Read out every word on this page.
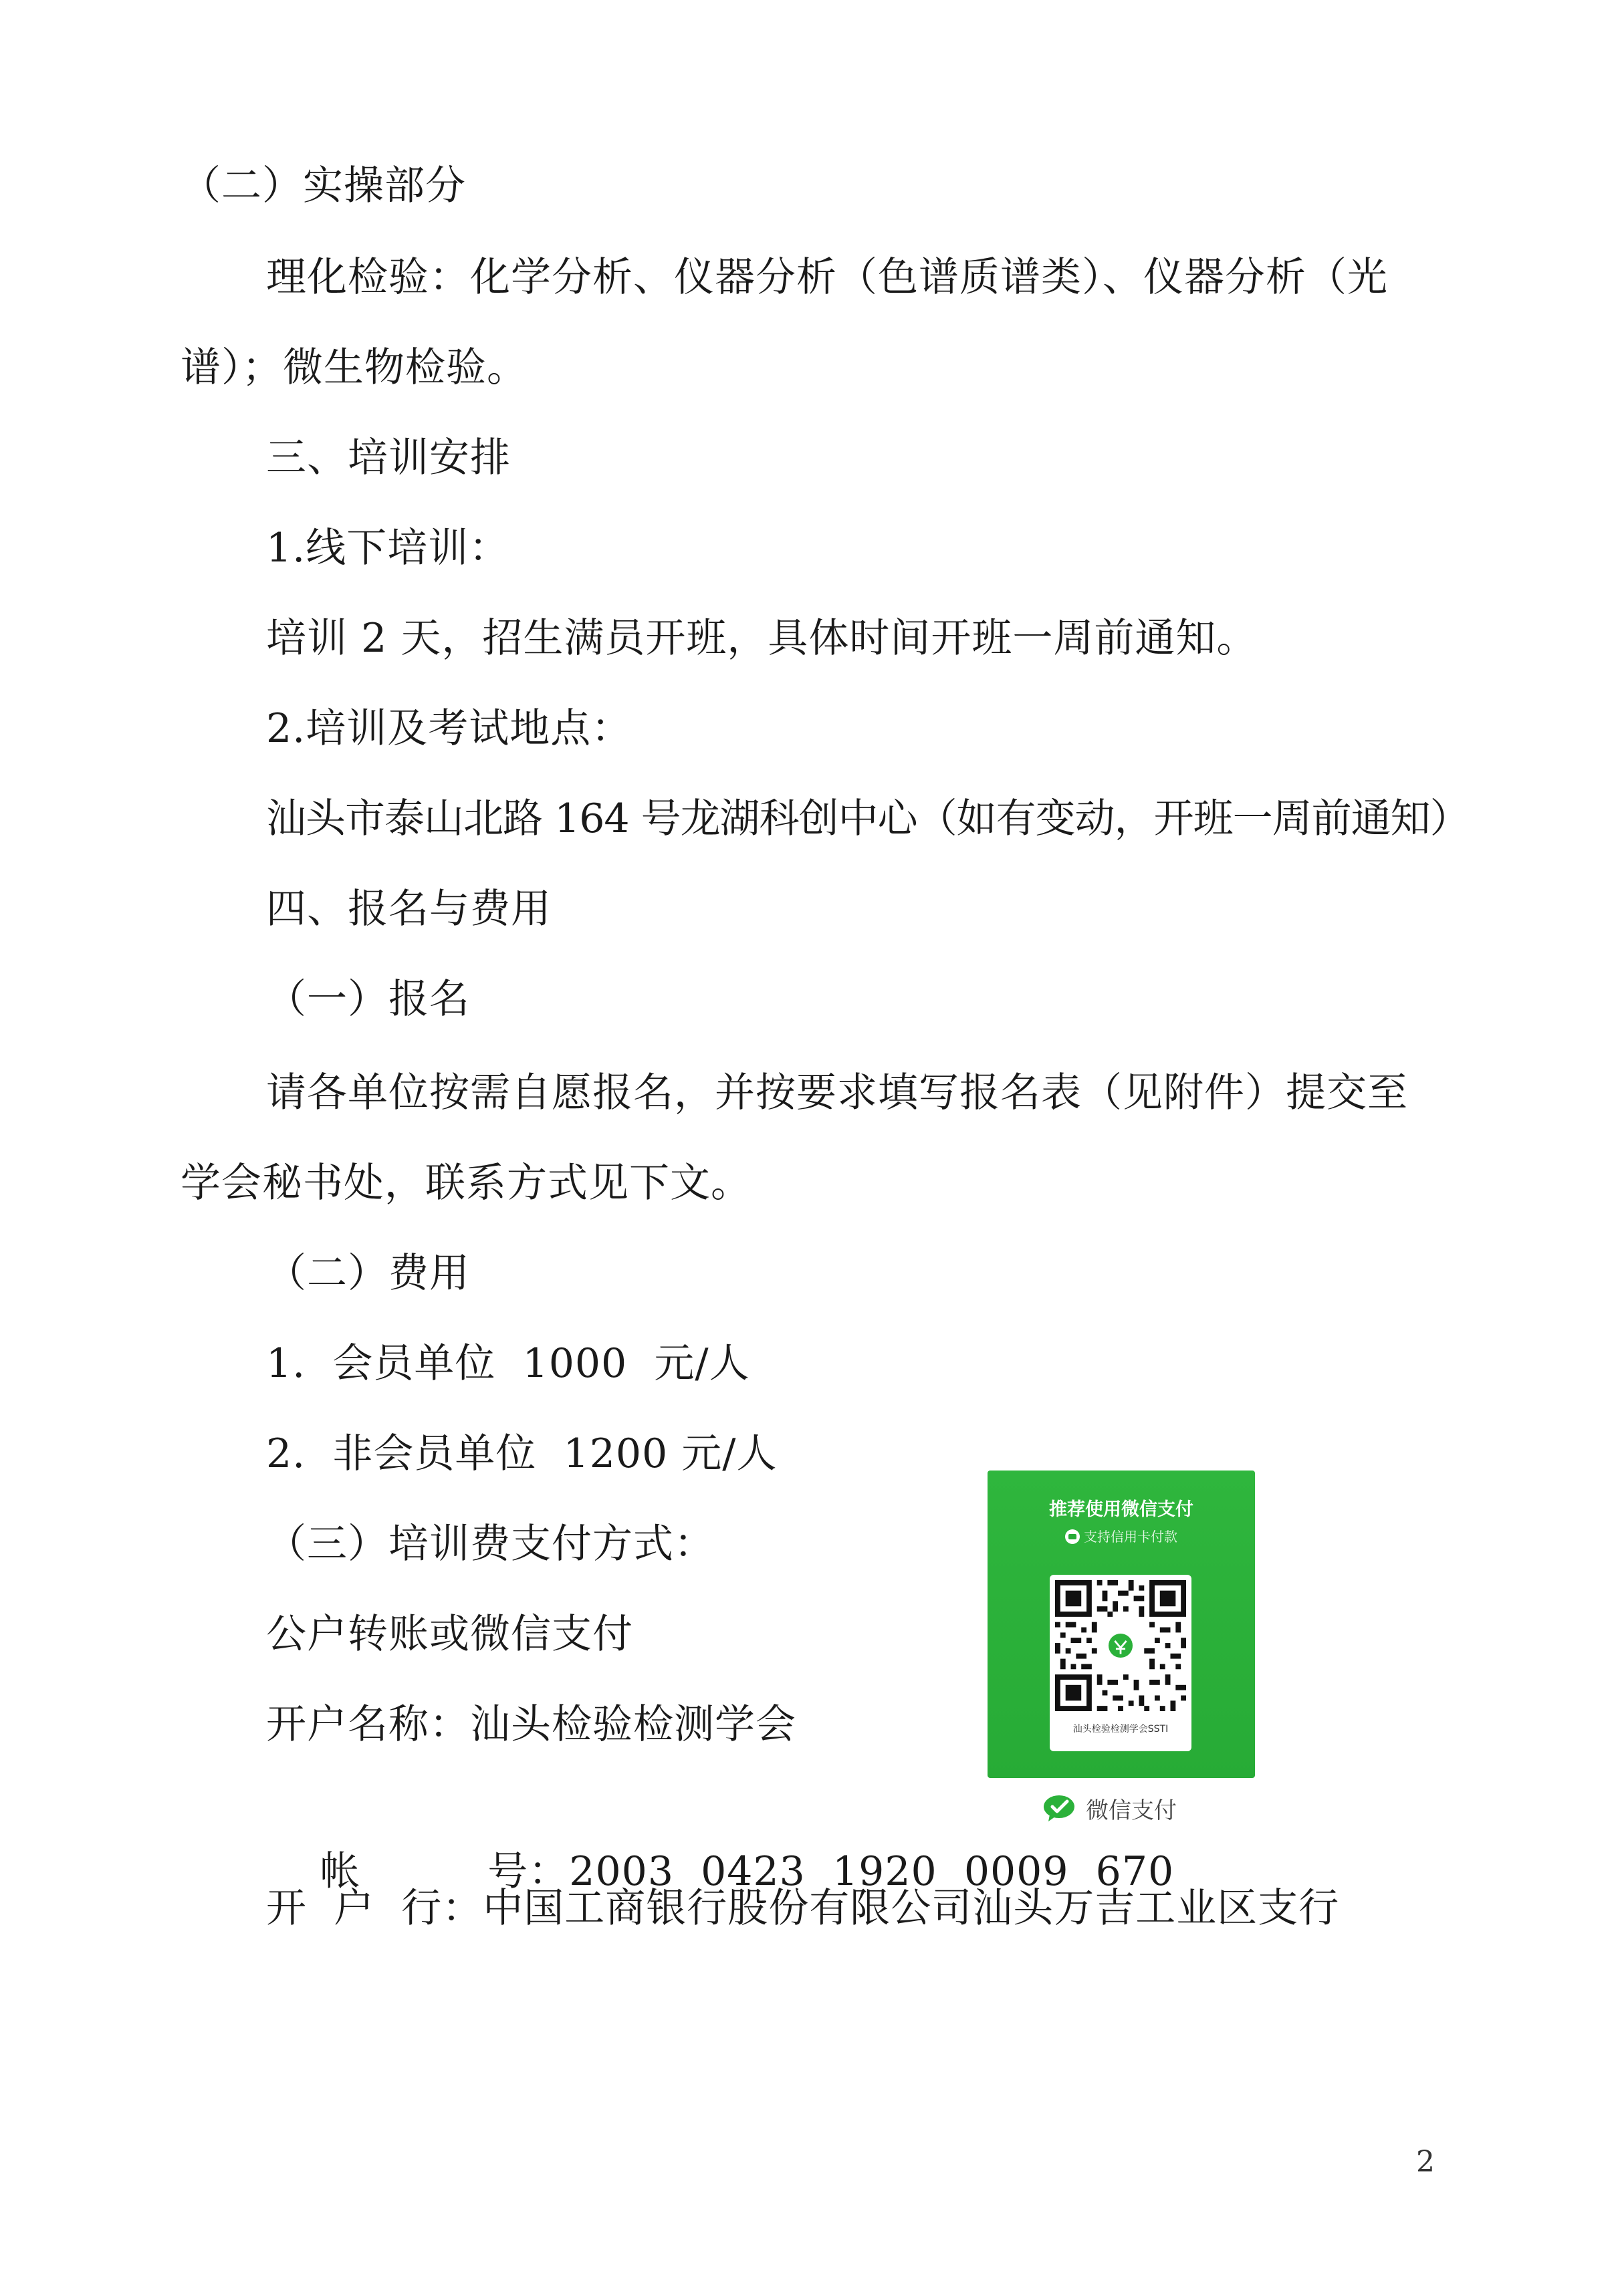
（二）实操部分
理化检验：化学分析、仪器分析（色谱质谱类）、仪器分析（光
谱）；微生物检验。
三、培训安排
1.线下培训：
培训 2 天，招生满员开班，具体时间开班一周前通知。
2.培训及考试地点：
汕头市泰山北路 164 号龙湖科创中心（如有变动，开班一周前通知）
四、报名与费用
（一）报名
请各单位按需自愿报名，并按要求填写报名表（见附件）提交至
学会秘书处，联系方式见下文。
（二）费用
1.  会员单位  1000  元/人
2.  非会员单位  1200 元/人
（三）培训费支付方式：
公户转账或微信支付
开户名称：汕头检验检测学会

帐	号：2003  0423  1920  0009  670

开  户  行：中国工商银行股份有限公司汕头万吉工业区支行
推荐使用微信支付
支持信用卡付款
汕头检验检测学会SSTI
微信支付
2
